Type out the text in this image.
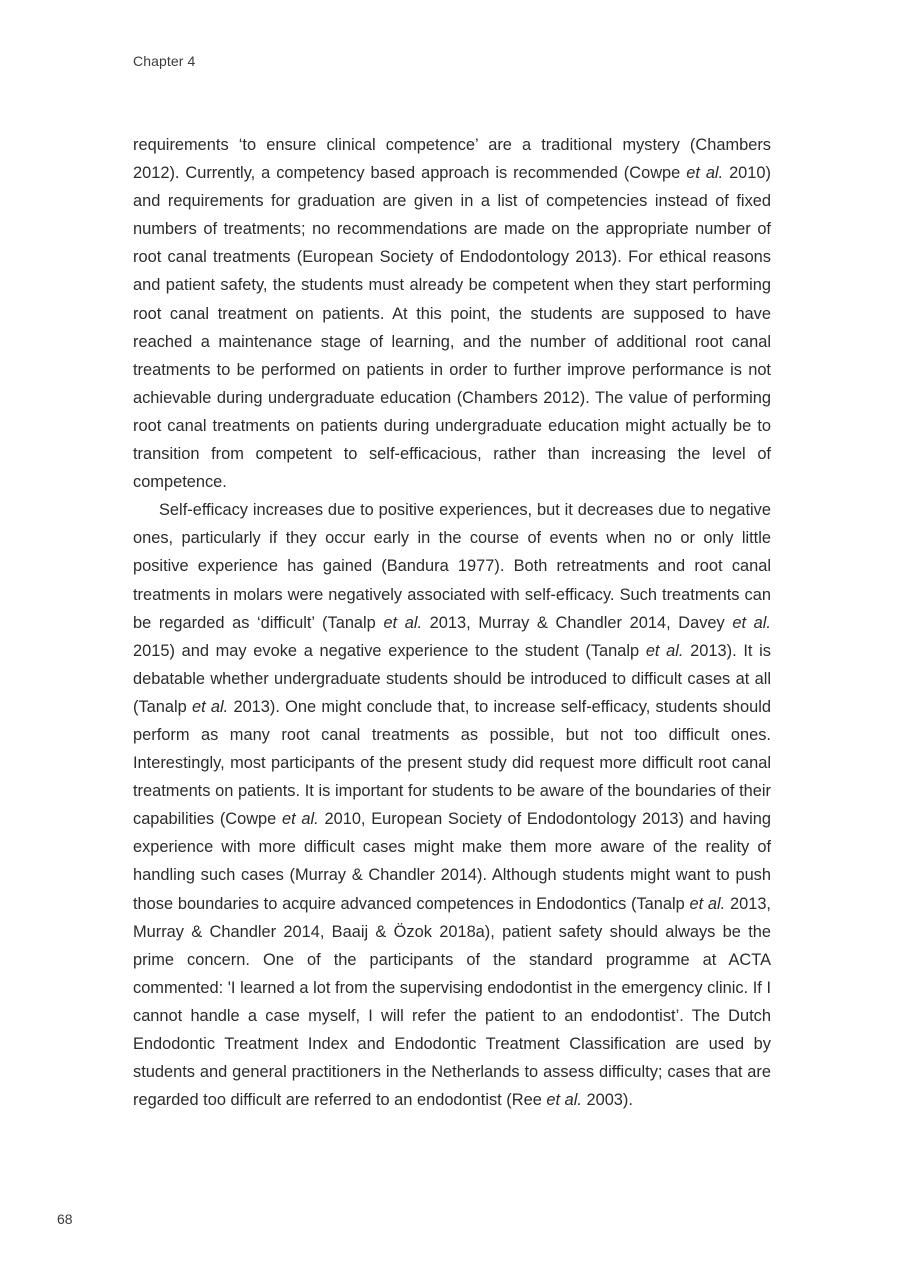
Chapter 4

requirements ‘to ensure clinical competence’ are a traditional mystery (Chambers 2012). Currently, a competency based approach is recommended (Cowpe et al. 2010) and requirements for graduation are given in a list of competencies instead of fixed numbers of treatments; no recommendations are made on the appropriate number of root canal treatments (European Society of Endodontology 2013). For ethical reasons and patient safety, the students must already be competent when they start performing root canal treatment on patients. At this point, the students are supposed to have reached a maintenance stage of learning, and the number of additional root canal treatments to be performed on patients in order to further improve performance is not achievable during undergraduate education (Chambers 2012). The value of performing root canal treatments on patients during undergraduate education might actually be to transition from competent to self-efficacious, rather than increasing the level of competence.

Self-efficacy increases due to positive experiences, but it decreases due to negative ones, particularly if they occur early in the course of events when no or only little positive experience has gained (Bandura 1977). Both retreatments and root canal treatments in molars were negatively associated with self-efficacy. Such treatments can be regarded as ‘difficult’ (Tanalp et al. 2013, Murray & Chandler 2014, Davey et al. 2015) and may evoke a negative experience to the student (Tanalp et al. 2013). It is debatable whether undergraduate students should be introduced to difficult cases at all (Tanalp et al. 2013). One might conclude that, to increase self-efficacy, students should perform as many root canal treatments as possible, but not too difficult ones. Interestingly, most participants of the present study did request more difficult root canal treatments on patients. It is important for students to be aware of the boundaries of their capabilities (Cowpe et al. 2010, European Society of Endodontology 2013) and having experience with more difficult cases might make them more aware of the reality of handling such cases (Murray & Chandler 2014). Although students might want to push those boundaries to acquire advanced competences in Endodontics (Tanalp et al. 2013, Murray & Chandler 2014, Baaij & Özok 2018a), patient safety should always be the prime concern. One of the participants of the standard programme at ACTA commented: 'I learned a lot from the supervising endodontist in the emergency clinic. If I cannot handle a case myself, I will refer the patient to an endodontist’. The Dutch Endodontic Treatment Index and Endodontic Treatment Classification are used by students and general practitioners in the Netherlands to assess difficulty; cases that are regarded too difficult are referred to an endodontist (Ree et al. 2003).

68
